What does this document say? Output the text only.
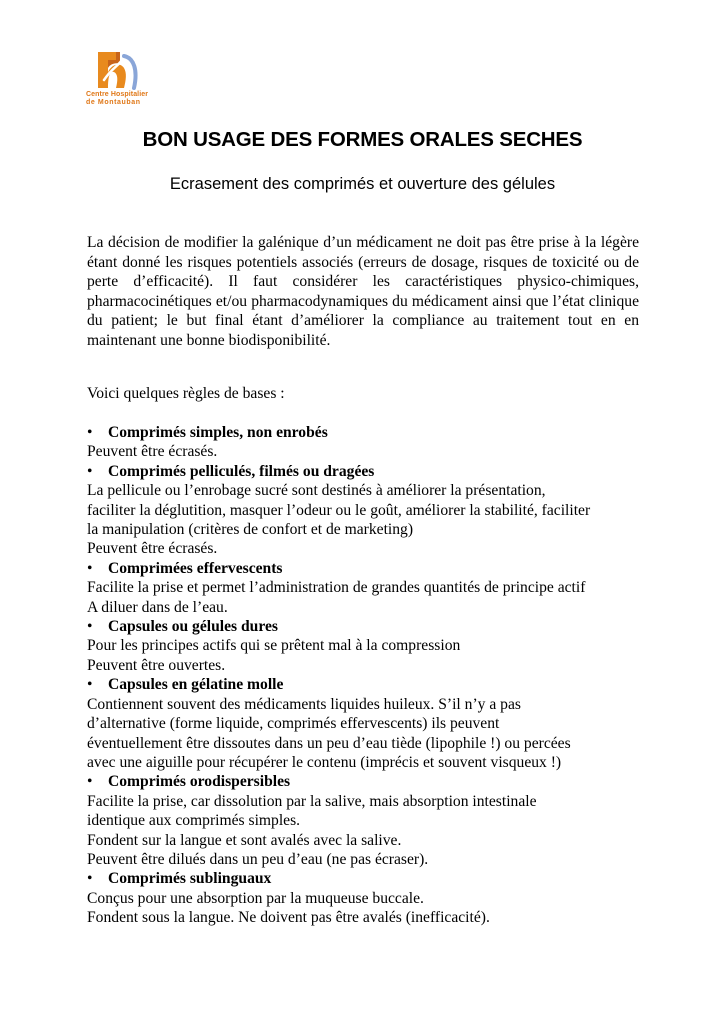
Centre Hospitalier
de Montauban
BON USAGE DES FORMES ORALES SECHES
Ecrasement des comprimés et ouverture des gélules

La décision de modifier la galénique d’un médicament ne doit pas être prise à la légère étant donné les risques potentiels associés (erreurs de dosage, risques de toxicité ou de perte d’efficacité). Il faut considérer les caractéristiques physico-chimiques, pharmacocinétiques et/ou pharmacodynamiques du médicament ainsi que l’état clinique du patient; le but final étant d’améliorer la compliance au traitement tout en en maintenant une bonne biodisponibilité.

Voici quelques règles de bases :

• Comprimés simples, non enrobés

Peuvent être écrasés.

• Comprimés pelliculés, filmés ou dragées

La pellicule ou l’enrobage sucré sont destinés à améliorer la présentation,

faciliter la déglutition, masquer l’odeur ou le goût, améliorer la stabilité, faciliter

la manipulation (critères de confort et de marketing)

Peuvent être écrasés.

• Comprimées effervescents

Facilite la prise et permet l’administration de grandes quantités de principe actif

A diluer dans de l’eau.

• Capsules ou gélules dures

Pour les principes actifs qui se prêtent mal à la compression

Peuvent être ouvertes.

• Capsules en gélatine molle

Contiennent souvent des médicaments liquides huileux. S’il n’y a pas

d’alternative (forme liquide, comprimés effervescents) ils peuvent

éventuellement être dissoutes dans un peu d’eau tiède (lipophile !) ou percées

avec une aiguille pour récupérer le contenu (imprécis et souvent visqueux !)

• Comprimés orodispersibles

Facilite la prise, car dissolution par la salive, mais absorption intestinale

identique aux comprimés simples.

Fondent sur la langue et sont avalés avec la salive.

Peuvent être dilués dans un peu d’eau (ne pas écraser).

• Comprimés sublinguaux

Conçus pour une absorption par la muqueuse buccale.

Fondent sous la langue. Ne doivent pas être avalés (inefficacité).
